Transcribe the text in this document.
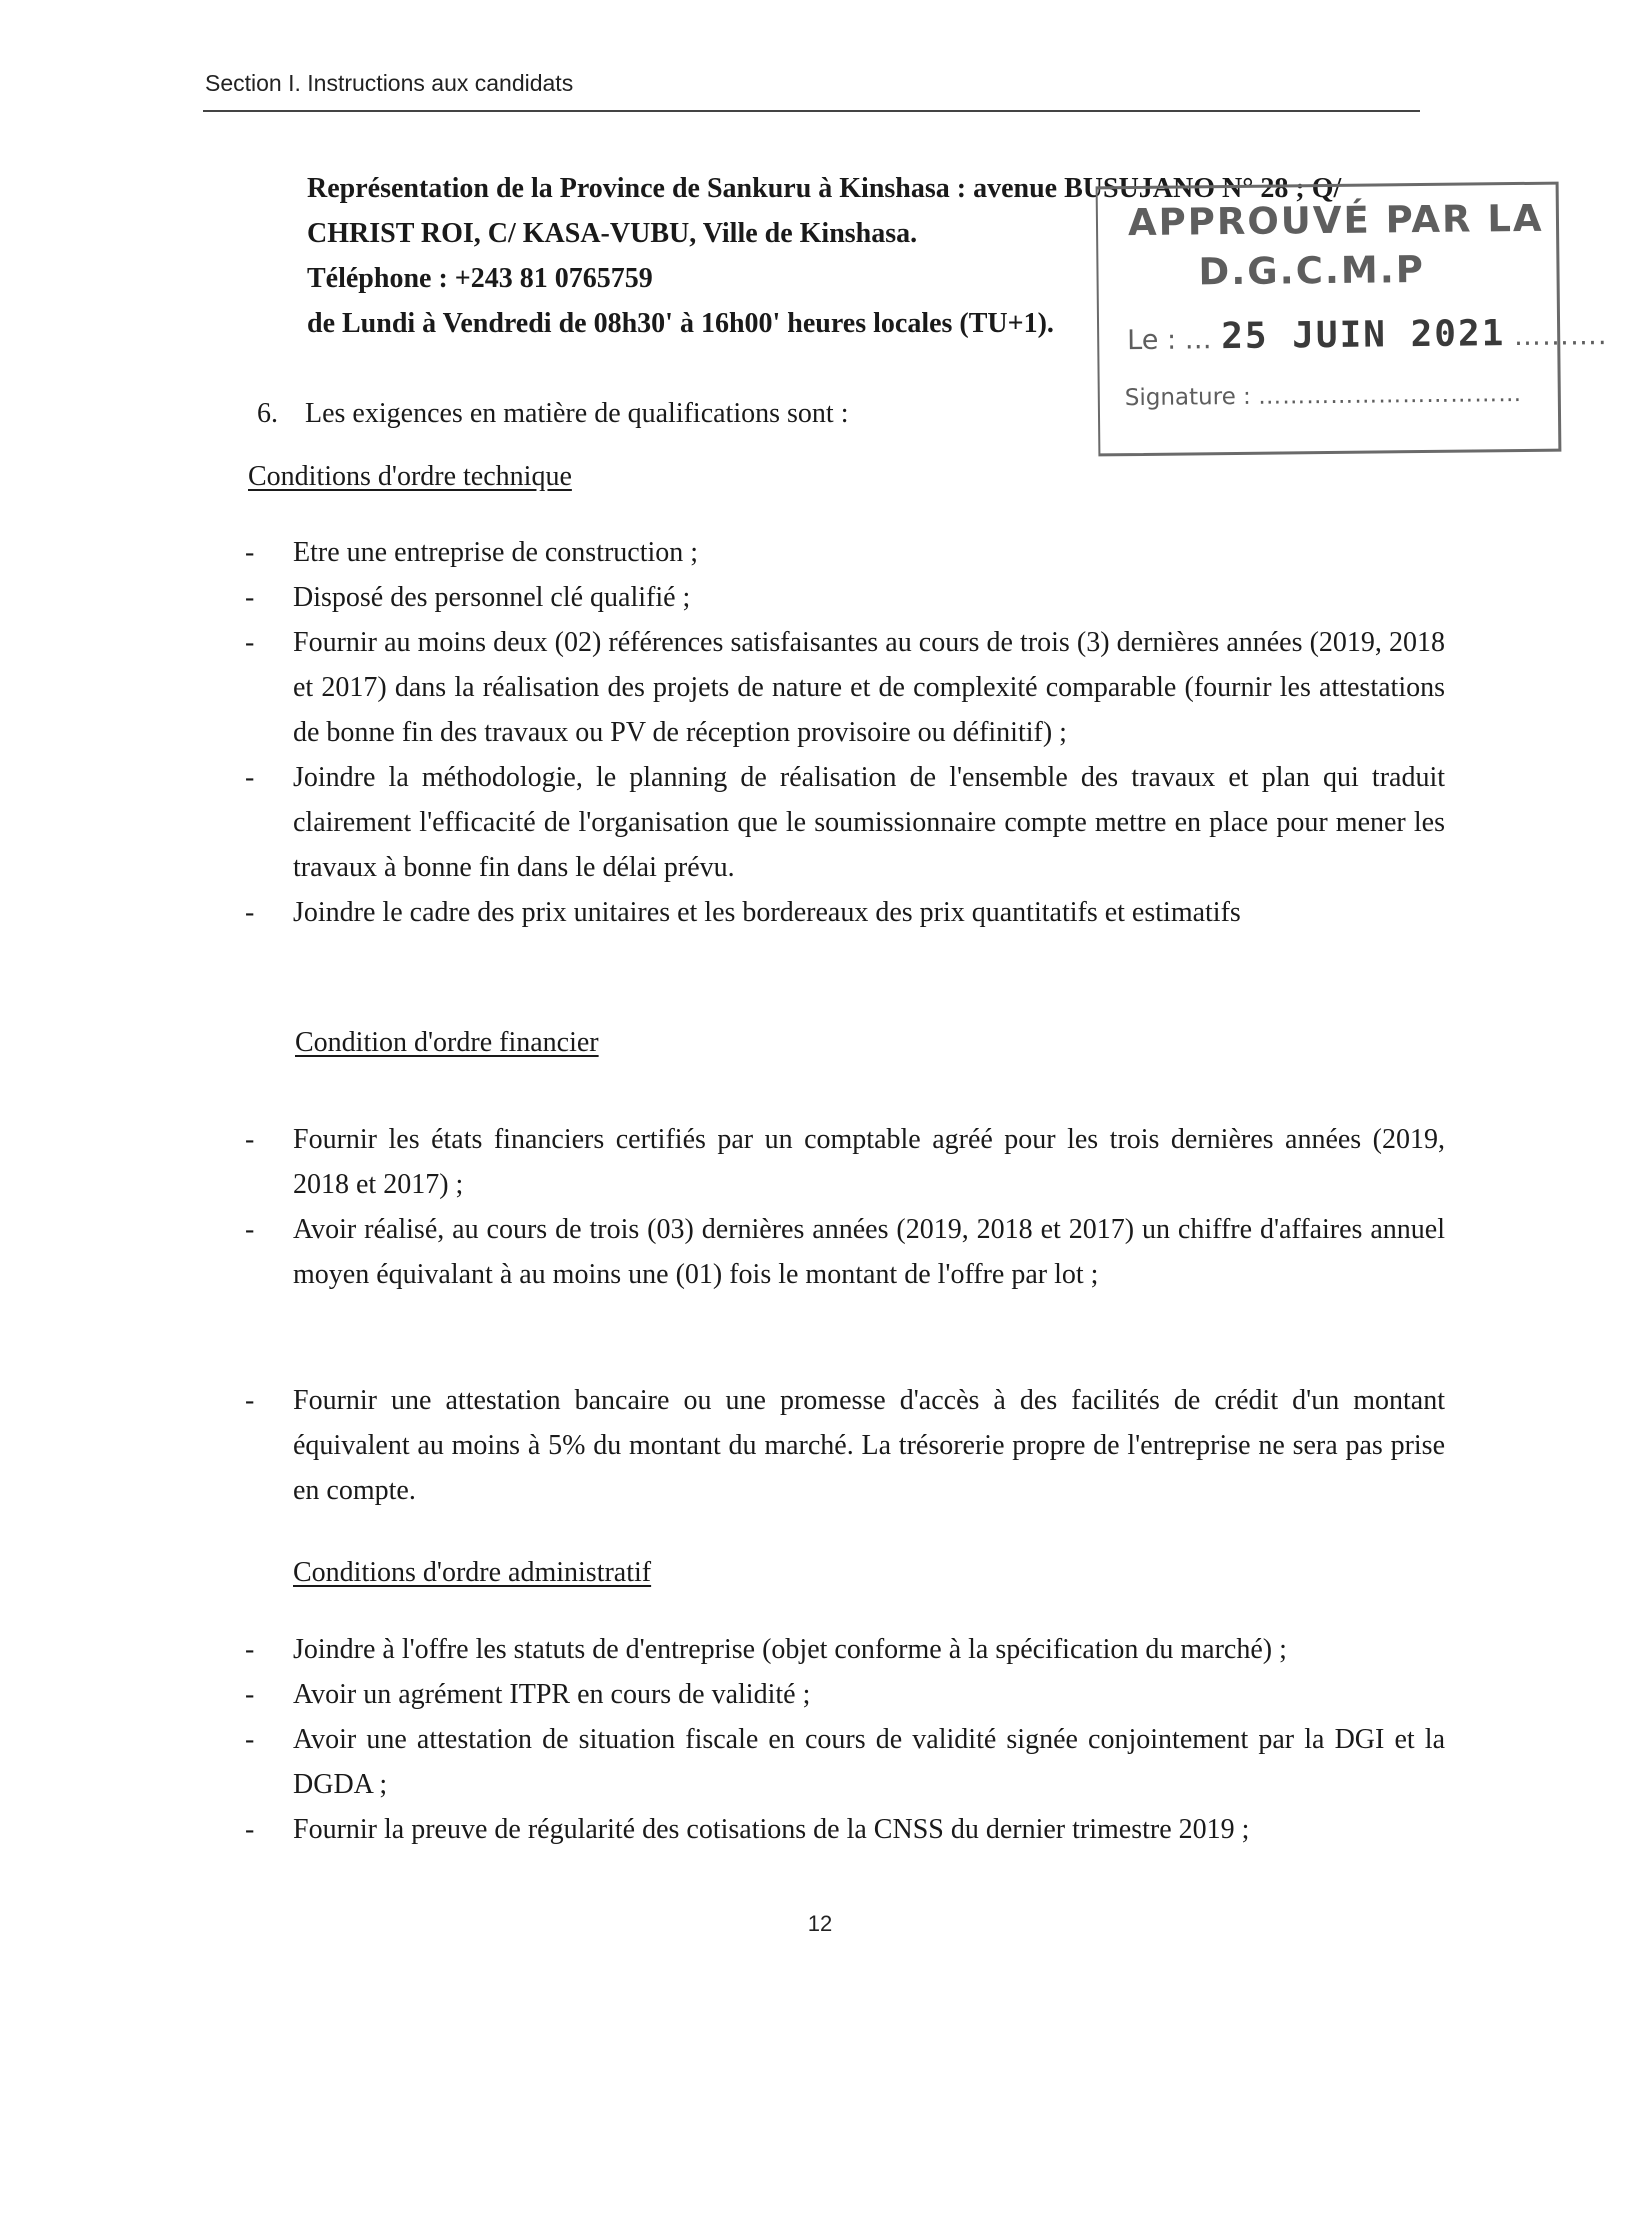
Section I. Instructions aux candidats
Représentation de la Province de Sankuru à Kinshasa : avenue BUSUJANO N° 28 ; Q/
CHRIST ROI, C/ KASA-VUBU, Ville de Kinshasa.
Téléphone : +243 81 0765759
de Lundi à Vendredi de 08h30' à 16h00' heures locales (TU+1).
APPROUVÉ PAR LA
D.G.C.M.P
Le : … 25 JUIN 2021 ……….
Signature : ……………………………
6. Les exigences en matière de qualifications sont :
Conditions d'ordre technique
- Etre une entreprise de construction ;
- Disposé des personnel clé qualifié ;
- Fournir au moins deux (02) références satisfaisantes au cours de trois (3) dernières années (2019, 2018 et 2017) dans la réalisation des projets de nature et de complexité comparable (fournir les attestations de bonne fin des travaux ou PV de réception provisoire ou définitif) ;
- Joindre la méthodologie, le planning de réalisation de l'ensemble des travaux et plan qui traduit clairement l'efficacité de l'organisation que le soumissionnaire compte mettre en place pour mener les travaux à bonne fin dans le délai prévu.
- Joindre le cadre des prix unitaires et les bordereaux des prix quantitatifs et estimatifs
Condition d'ordre financier
- Fournir les états financiers certifiés par un comptable agréé pour les trois dernières années (2019, 2018 et 2017) ;
- Avoir réalisé, au cours de trois (03) dernières années (2019, 2018 et 2017) un chiffre d'affaires annuel moyen équivalant à au moins une (01) fois le montant de l'offre par lot ;
- Fournir une attestation bancaire ou une promesse d'accès à des facilités de crédit d'un montant équivalent au moins à 5% du montant du marché. La trésorerie propre de l'entreprise ne sera pas prise en compte.
Conditions d'ordre administratif
- Joindre à l'offre les statuts de d'entreprise (objet conforme à la spécification du marché) ;
- Avoir un agrément ITPR en cours de validité ;
- Avoir une attestation de situation fiscale en cours de validité signée conjointement par la DGI et la DGDA ;
- Fournir la preuve de régularité des cotisations de la CNSS du dernier trimestre 2019 ;
12
